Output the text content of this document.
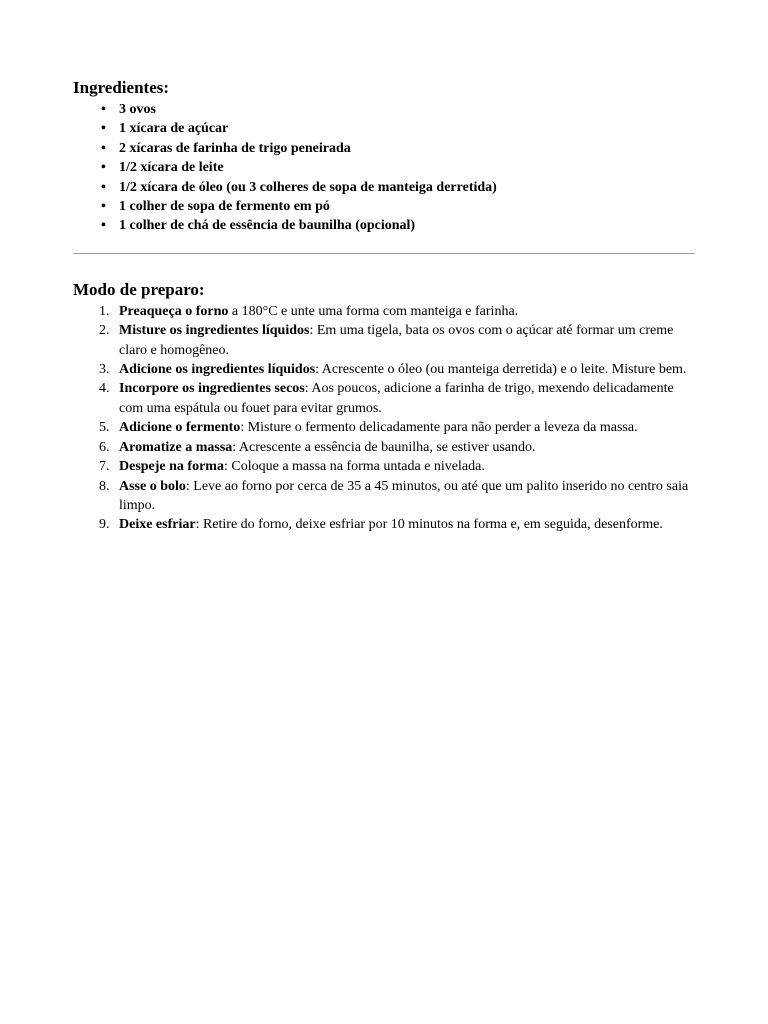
Ingredientes:
• 3 ovos
• 1 xícara de açúcar
• 2 xícaras de farinha de trigo peneirada
• 1/2 xícara de leite
• 1/2 xícara de óleo (ou 3 colheres de sopa de manteiga derretida)
• 1 colher de sopa de fermento em pó
• 1 colher de chá de essência de baunilha (opcional)
Modo de preparo:
1. Preaqueça o forno a 180°C e unte uma forma com manteiga e farinha.
2. Misture os ingredientes líquidos: Em uma tigela, bata os ovos com o açúcar até formar um creme claro e homogêneo.
3. Adicione os ingredientes líquidos: Acrescente o óleo (ou manteiga derretida) e o leite. Misture bem.
4. Incorpore os ingredientes secos: Aos poucos, adicione a farinha de trigo, mexendo delicadamente com uma espátula ou fouet para evitar grumos.
5. Adicione o fermento: Misture o fermento delicadamente para não perder a leveza da massa.
6. Aromatize a massa: Acrescente a essência de baunilha, se estiver usando.
7. Despeje na forma: Coloque a massa na forma untada e nivelada.
8. Asse o bolo: Leve ao forno por cerca de 35 a 45 minutos, ou até que um palito inserido no centro saia limpo.
9. Deixe esfriar: Retire do forno, deixe esfriar por 10 minutos na forma e, em seguida, desenforme.
